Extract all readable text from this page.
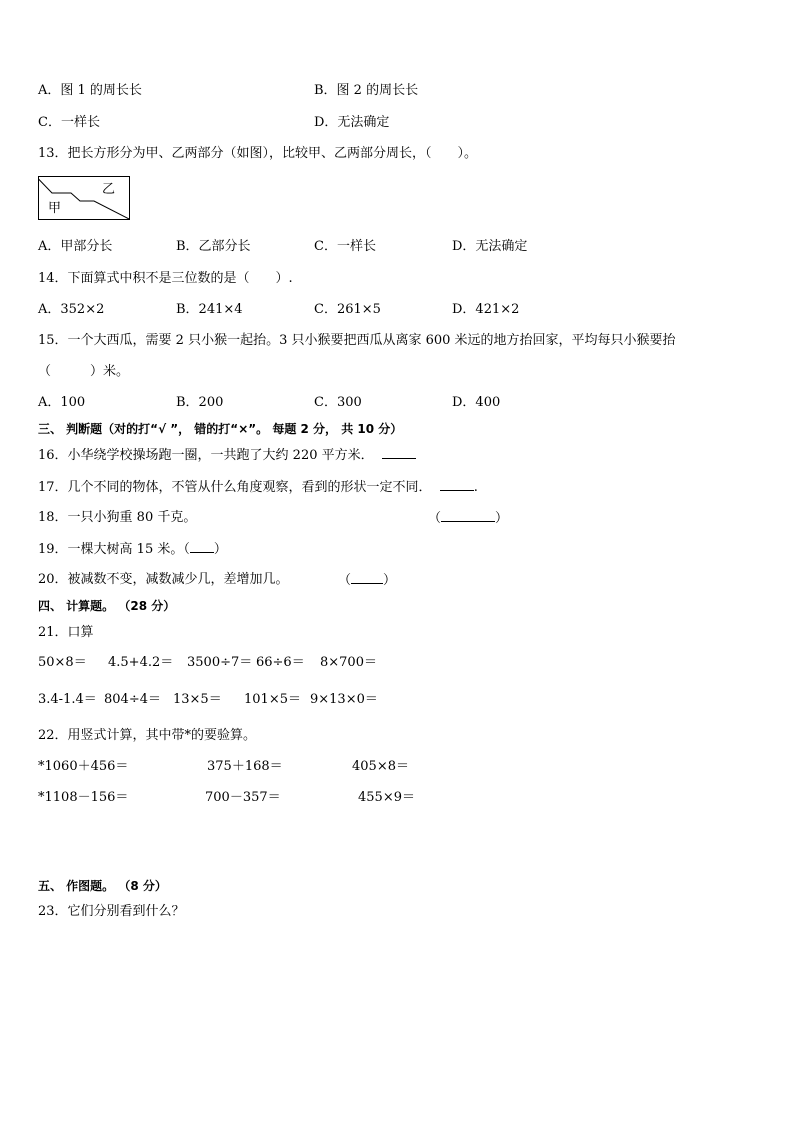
A．图 1 的周长长	B．图 2 的周长长
C．一样长	D．无法确定
13．把长方形分为甲、乙两部分（如图），比较甲、乙两部分周长，（　　）。
甲
乙
A．甲部分长	B．乙部分长	C．一样长	D．无法确定
14．下面算式中积不是三位数的是（　　）.
A．352×2	B．241×4	C．261×5	D．421×2
15．一个大西瓜，需要 2 只小猴一起抬。3 只小猴要把西瓜从离家 600 米远的地方抬回家，平均每只小猴要抬
（　　　）米。
A．100	B．200	C．300	D．400
三、 判断题（对的打“√ ”， 错的打“×”。 每题 2 分， 共 10 分）
16．小华绕学校操场跑一圈，一共跑了大约 220 平方米．
17．几个不同的物体，不管从什么角度观察，看到的形状一定不同．	.
18．一只小狗重 80 千克。	（	）
19．一棵大树高 15 米。（ ）
20．被减数不变，减数减少几，差增加几。	（ ）
四、 计算题。 （28 分）
21．口算
50×8＝ 4.5+4.2＝ 3500÷7＝ 66÷6＝ 8×700＝
3.4-1.4＝ 804÷4＝ 13×5＝ 101×5＝ 9×13×0＝
22．用竖式计算，其中带*的要验算。
*1060＋456＝	375＋168＝	405×8＝
*1108－156＝	700－357＝	455×9＝
五、 作图题。 （8 分）
23．它们分别看到什么？
